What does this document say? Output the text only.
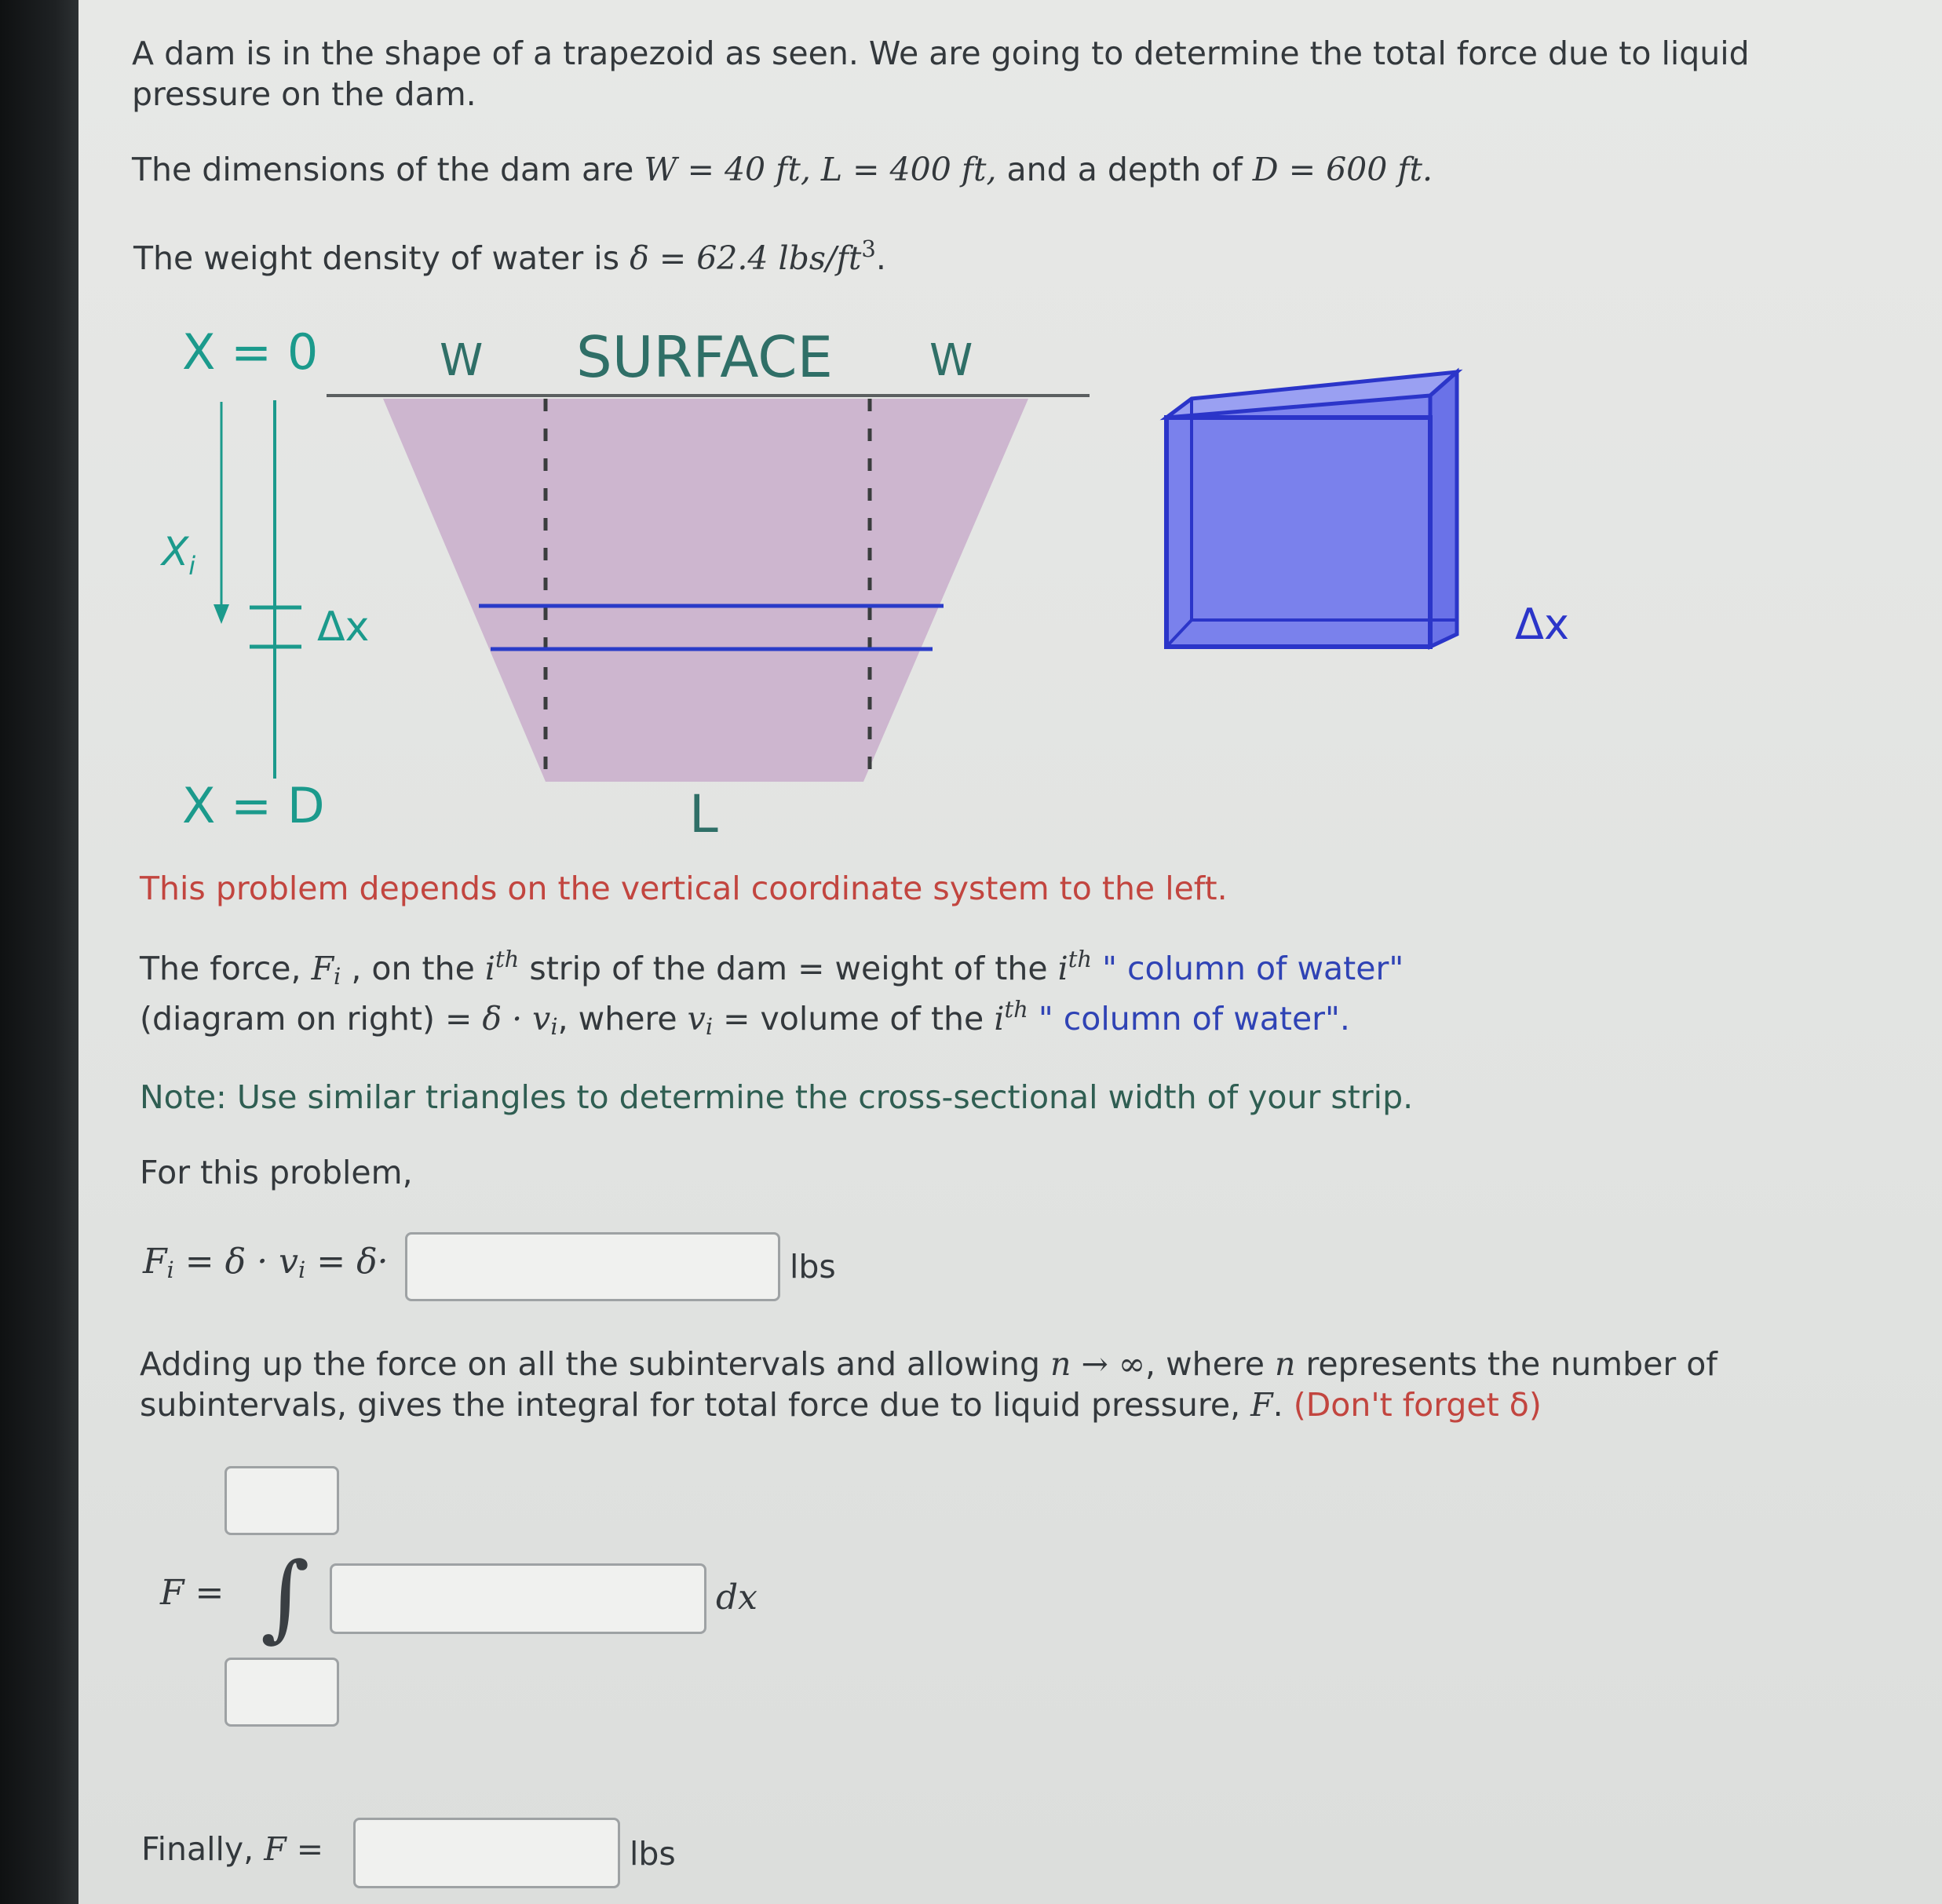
A dam is in the shape of a trapezoid as seen. We are going to determine the total force due to liquid
pressure on the dam.
The dimensions of the dam are W = 40 ft, L = 400 ft, and a depth of D = 600 ft.
The weight density of water is δ = 62.4 lbs/$ft^3$.
X = 0
X = D
$X_i$
Δx
W SURFACE W
L
Δx
This problem depends on the vertical coordinate system to the left.
The force, $F_i$ , on the $i^{th}$ strip of the dam = weight of the $i^{th}$ " column of water"
(diagram on right) = $\delta \cdot v_i$, where $v_i$ = volume of the $i^{th}$ " column of water".
Note: Use similar triangles to determine the cross-sectional width of your strip.
For this problem,
$F_i = \delta \cdot v_i = \delta\cdot$	lbs
Adding up the force on all the subintervals and allowing n → ∞, where n represents the number of
subintervals, gives the integral for total force due to liquid pressure, F. (Don't forget δ)
F = ∫	dx
Finally, F =	lbs
